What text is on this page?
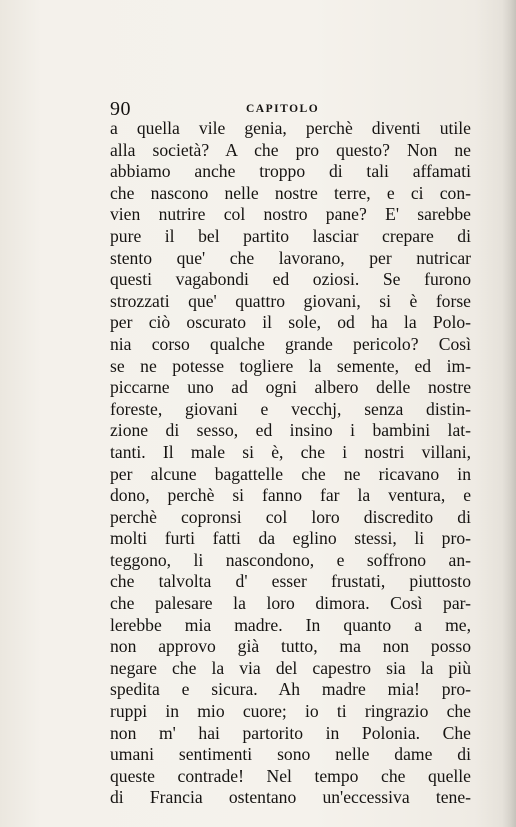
90	CAPITOLO
a quella vile genia, perchè diventi utile
alla società? A che pro questo? Non ne
abbiamo anche troppo di tali affamati
che nascono nelle nostre terre, e ci con-
vien nutrire col nostro pane? E' sarebbe
pure il bel partito lasciar crepare di
stento que' che lavorano, per nutricar
questi vagabondi ed oziosi. Se furono
strozzati que' quattro giovani, si è forse
per ciò oscurato il sole, od ha la Polo-
nia corso qualche grande pericolo? Così
se ne potesse togliere la semente, ed im-
piccarne uno ad ogni albero delle nostre
foreste, giovani e vecchj, senza distin-
zione di sesso, ed insino i bambini lat-
tanti. Il male si è, che i nostri villani,
per alcune bagattelle che ne ricavano in
dono, perchè si fanno far la ventura, e
perchè copronsi col loro discredito di
molti furti fatti da eglino stessi, li pro-
teggono, li nascondono, e soffrono an-
che talvolta d' esser frustati, piuttosto
che palesare la loro dimora. Così par-
lerebbe mia madre. In quanto a me,
non approvo già tutto, ma non posso
negare che la via del capestro sia la più
spedita e sicura. Ah madre mia! pro-
ruppi in mio cuore; io ti ringrazio che
non m' hai partorito in Polonia. Che
umani sentimenti sono nelle dame di
queste contrade! Nel tempo che quelle
di Francia ostentano un'eccessiva tene-
